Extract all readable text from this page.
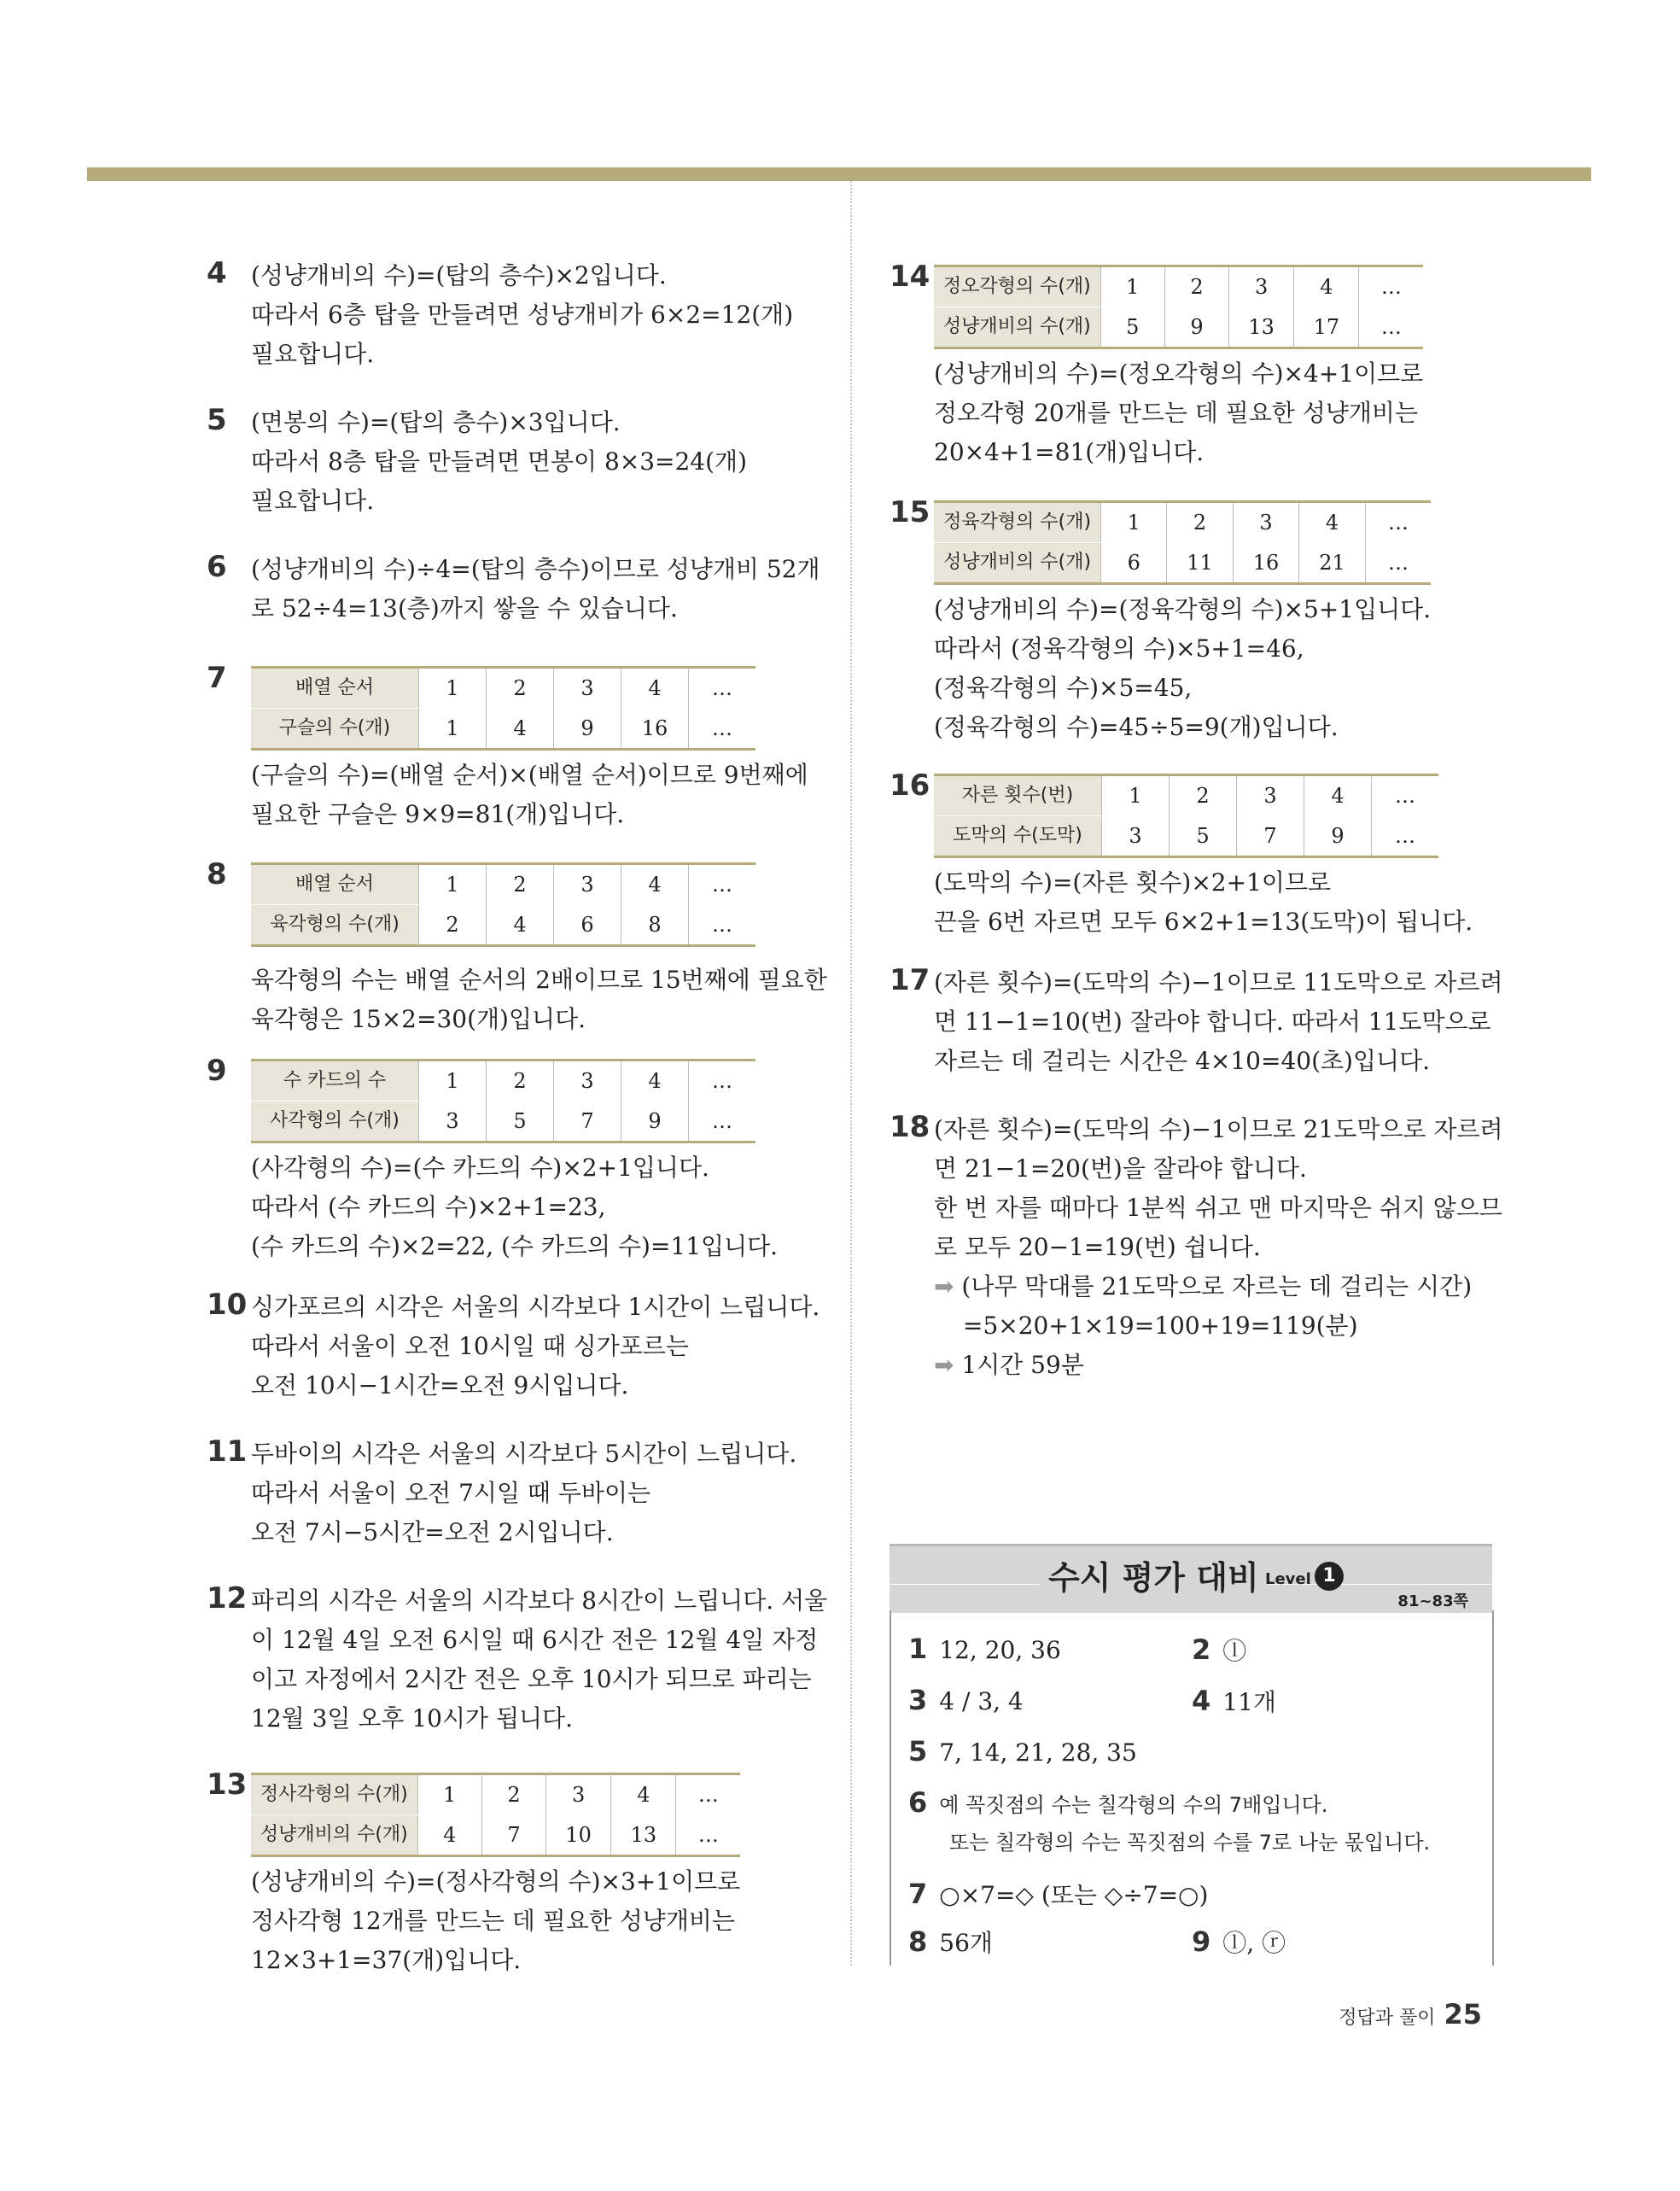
4 (성냥개비의 수)=(탑의 층수)×2입니다.
따라서 6층 탑을 만들려면 성냥개비가 6×2=12(개)
필요합니다.
5 (면봉의 수)=(탑의 층수)×3입니다.
따라서 8층 탑을 만들려면 면봉이 8×3=24(개)
필요합니다.
6 (성냥개비의 수)÷4=(탑의 층수)이므로 성냥개비 52개
로 52÷4=13(층)까지 쌓을 수 있습니다.
7	배열 순서	1	2	3	4	…
구슬의 수(개)	1	4	9	16	…
(구슬의 수)=(배열 순서)×(배열 순서)이므로 9번째에
필요한 구슬은 9×9=81(개)입니다.
8	배열 순서	1	2	3	4	…
육각형의 수(개)	2	4	6	8	…
육각형의 수는 배열 순서의 2배이므로 15번째에 필요한
육각형은 15×2=30(개)입니다.
9	수 카드의 수	1	2	3	4	…
사각형의 수(개)	3	5	7	9	…
(사각형의 수)=(수 카드의 수)×2+1입니다.
따라서 (수 카드의 수)×2+1=23,
(수 카드의 수)×2=22, (수 카드의 수)=11입니다.
10 싱가포르의 시각은 서울의 시각보다 1시간이 느립니다.
따라서 서울이 오전 10시일 때 싱가포르는
오전 10시−1시간=오전 9시입니다.
11 두바이의 시각은 서울의 시각보다 5시간이 느립니다.
따라서 서울이 오전 7시일 때 두바이는
오전 7시−5시간=오전 2시입니다.
12 파리의 시각은 서울의 시각보다 8시간이 느립니다. 서울
이 12월 4일 오전 6시일 때 6시간 전은 12월 4일 자정
이고 자정에서 2시간 전은 오후 10시가 되므로 파리는
12월 3일 오후 10시가 됩니다.
13 정사각형의 수(개)	1	2	3	4	…
성냥개비의 수(개)	4	7	10	13	…
(성냥개비의 수)=(정사각형의 수)×3+1이므로
정사각형 12개를 만드는 데 필요한 성냥개비는
12×3+1=37(개)입니다.
14 정오각형의 수(개)	1	2	3	4	…
성냥개비의 수(개)	5	9	13	17	…
(성냥개비의 수)=(정오각형의 수)×4+1이므로
정오각형 20개를 만드는 데 필요한 성냥개비는
20×4+1=81(개)입니다.
15 정육각형의 수(개)	1	2	3	4	…
성냥개비의 수(개)	6	11	16	21	…
(성냥개비의 수)=(정육각형의 수)×5+1입니다.
따라서 (정육각형의 수)×5+1=46,
(정육각형의 수)×5=45,
(정육각형의 수)=45÷5=9(개)입니다.
16 자른 횟수(번)	1	2	3	4	…
도막의 수(도막)	3	5	7	9	…
(도막의 수)=(자른 횟수)×2+1이므로
끈을 6번 자르면 모두 6×2+1=13(도막)이 됩니다.
17 (자른 횟수)=(도막의 수)−1이므로 11도막으로 자르려
면 11−1=10(번) 잘라야 합니다. 따라서 11도막으로
자르는 데 걸리는 시간은 4×10=40(초)입니다.
18 (자른 횟수)=(도막의 수)−1이므로 21도막으로 자르려
면 21−1=20(번)을 잘라야 합니다.
한 번 자를 때마다 1분씩 쉬고 맨 마지막은 쉬지 않으므
로 모두 20−1=19(번) 쉽니다.
➡ (나무 막대를 21도막으로 자르는 데 걸리는 시간)
=5×20+1×19=100+19=119(분)
➡ 1시간 59분
수시 평가 대비 Level 1
81~83쪽
1 12, 20, 36	2 ⓛ
3 4 / 3, 4	4 11개
5 7, 14, 21, 28, 35
6 예 꼭짓점의 수는 칠각형의 수의 7배입니다.
또는 칠각형의 수는 꼭짓점의 수를 7로 나눈 몫입니다.
7 ○×7=◇ (또는 ◇÷7=○)
8 56개	9 ⓛ, ⓡ
정답과 풀이 25
